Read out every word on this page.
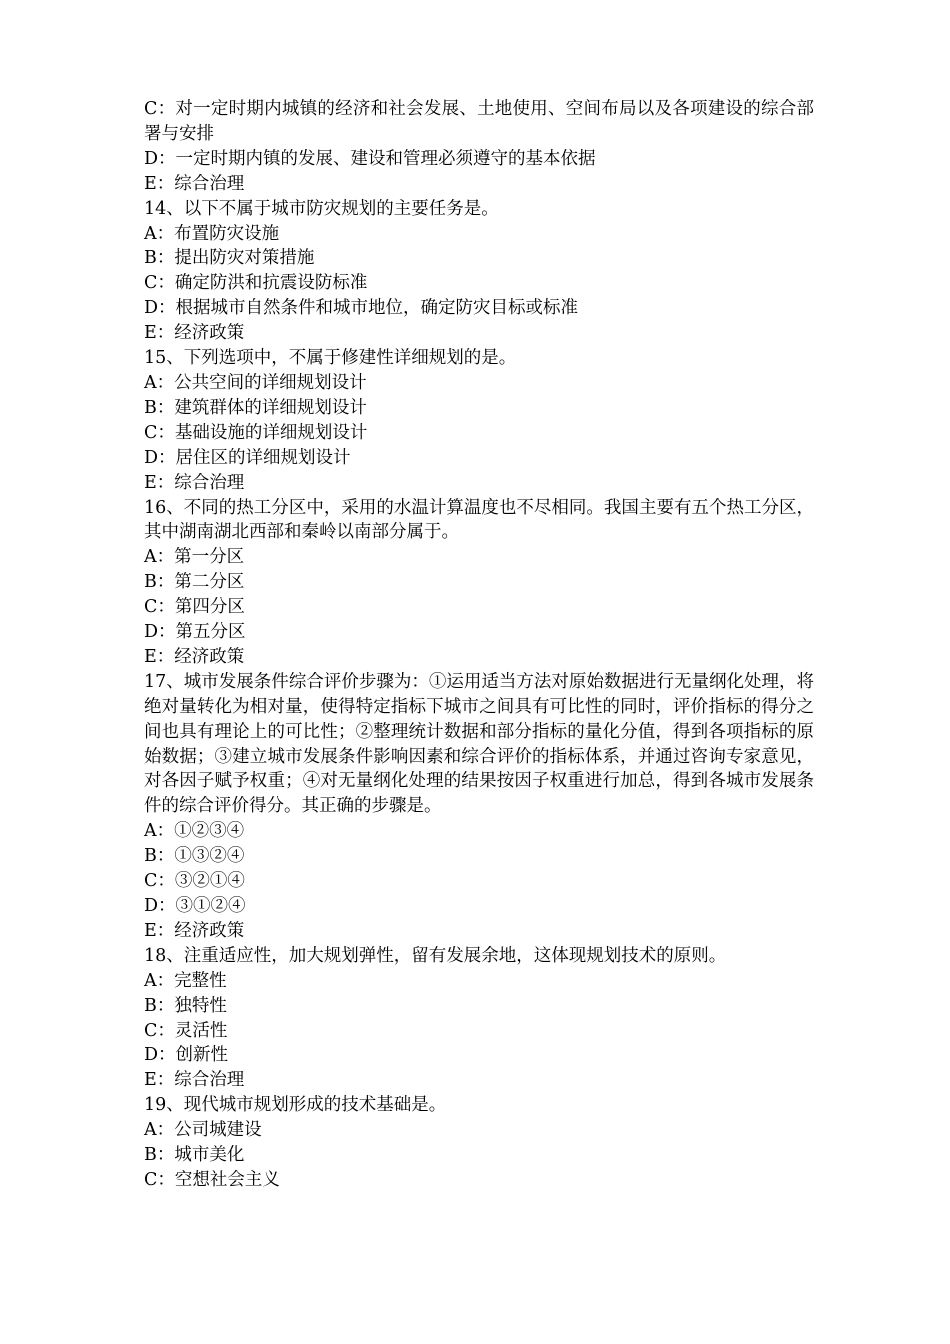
C：对一定时期内城镇的经济和社会发展、土地使用、空间布局以及各项建设的综合部署与安排
D：一定时期内镇的发展、建设和管理必须遵守的基本依据
E：综合治理
14、以下不属于城市防灾规划的主要任务是。
A：布置防灾设施
B：提出防灾对策措施
C：确定防洪和抗震设防标准
D：根据城市自然条件和城市地位，确定防灾目标或标准
E：经济政策
15、下列选项中，不属于修建性详细规划的是。
A：公共空间的详细规划设计
B：建筑群体的详细规划设计
C：基础设施的详细规划设计
D：居住区的详细规划设计
E：综合治理
16、不同的热工分区中，采用的水温计算温度也不尽相同。我国主要有五个热工分区，其中湖南湖北西部和秦岭以南部分属于。
A：第一分区
B：第二分区
C：第四分区
D：第五分区
E：经济政策
17、城市发展条件综合评价步骤为：①运用适当方法对原始数据进行无量纲化处理，将绝对量转化为相对量，使得特定指标下城市之间具有可比性的同时，评价指标的得分之间也具有理论上的可比性；②整理统计数据和部分指标的量化分值，得到各项指标的原始数据；③建立城市发展条件影响因素和综合评价的指标体系，并通过咨询专家意见，对各因子赋予权重；④对无量纲化处理的结果按因子权重进行加总，得到各城市发展条件的综合评价得分。其正确的步骤是。
A：①②③④
B：①③②④
C：③②①④
D：③①②④
E：经济政策
18、注重适应性，加大规划弹性，留有发展余地，这体现规划技术的原则。
A：完整性
B：独特性
C：灵活性
D：创新性
E：综合治理
19、现代城市规划形成的技术基础是。
A：公司城建设
B：城市美化
C：空想社会主义
